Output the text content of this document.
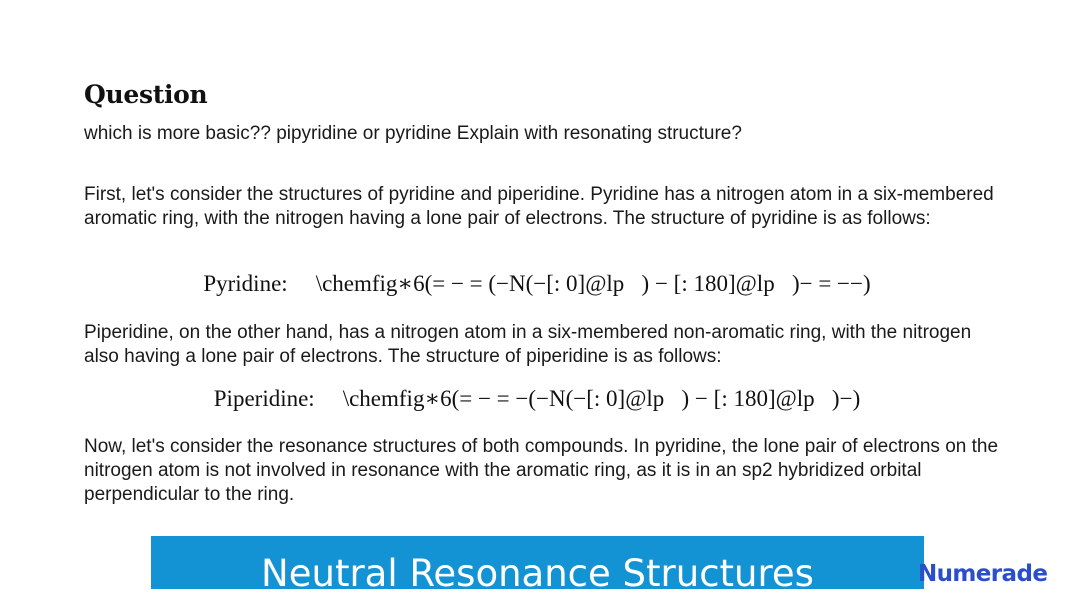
Question
which is more basic?? pipyridine or pyridine Explain with resonating structure?
First, let's consider the structures of pyridine and piperidine. Pyridine has a nitrogen atom in a six-membered aromatic ring, with the nitrogen having a lone pair of electrons. The structure of pyridine is as follows:
Pyridine: \chemfig∗6(= − = (−N(−[: 0]@lp   ) − [: 180]@lp   )− = −−)
Piperidine, on the other hand, has a nitrogen atom in a six-membered non-aromatic ring, with the nitrogen also having a lone pair of electrons. The structure of piperidine is as follows:
Piperidine: \chemfig∗6(= − = −(−N(−[: 0]@lp   ) − [: 180]@lp   )−)
Now, let's consider the resonance structures of both compounds. In pyridine, the lone pair of electrons on the nitrogen atom is not involved in resonance with the aromatic ring, as it is in an sp2 hybridized orbital perpendicular to the ring.
Neutral Resonance Structures	Numerade
